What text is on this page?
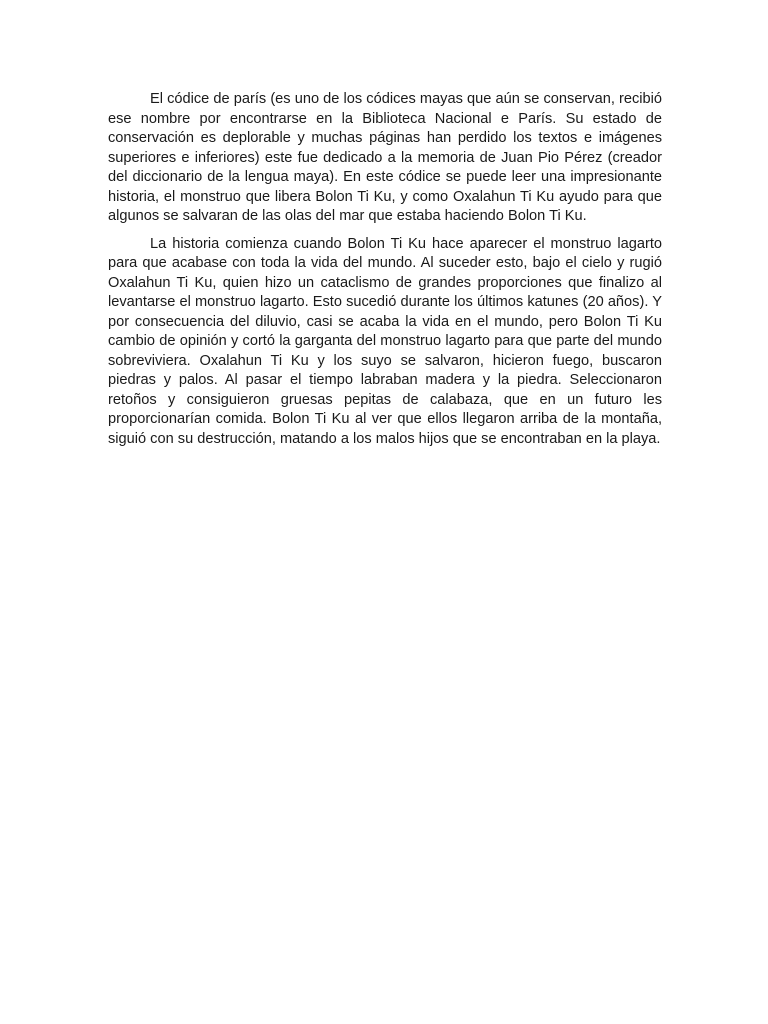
El códice de parís (es uno de los códices mayas que aún se conservan, recibió ese nombre por encontrarse en la Biblioteca Nacional e París. Su estado de conservación es deplorable y muchas páginas han perdido los textos e imágenes superiores e inferiores) este fue dedicado a la memoria de Juan Pio Pérez (creador del diccionario de la lengua maya). En este códice se puede leer una impresionante historia, el monstruo que libera Bolon Ti Ku, y como Oxalahun Ti Ku ayudo para que algunos se salvaran de las olas del mar que estaba haciendo Bolon Ti Ku.

La historia comienza cuando Bolon Ti Ku hace aparecer el monstruo lagarto para que acabase con toda la vida del mundo. Al suceder esto, bajo el cielo y rugió Oxalahun Ti Ku, quien hizo un cataclismo de grandes proporciones que finalizo al levantarse el monstruo lagarto. Esto sucedió durante los últimos katunes (20 años). Y por consecuencia del diluvio, casi se acaba la vida en el mundo, pero Bolon Ti Ku cambio de opinión y cortó la garganta del monstruo lagarto para que parte del mundo sobreviviera. Oxalahun Ti Ku y los suyo se salvaron, hicieron fuego, buscaron piedras y palos. Al pasar el tiempo labraban madera y la piedra. Seleccionaron retoños y consiguieron gruesas pepitas de calabaza, que en un futuro les proporcionarían comida. Bolon Ti Ku al ver que ellos llegaron arriba de la montaña, siguió con su destrucción, matando a los malos hijos que se encontraban en la playa.
